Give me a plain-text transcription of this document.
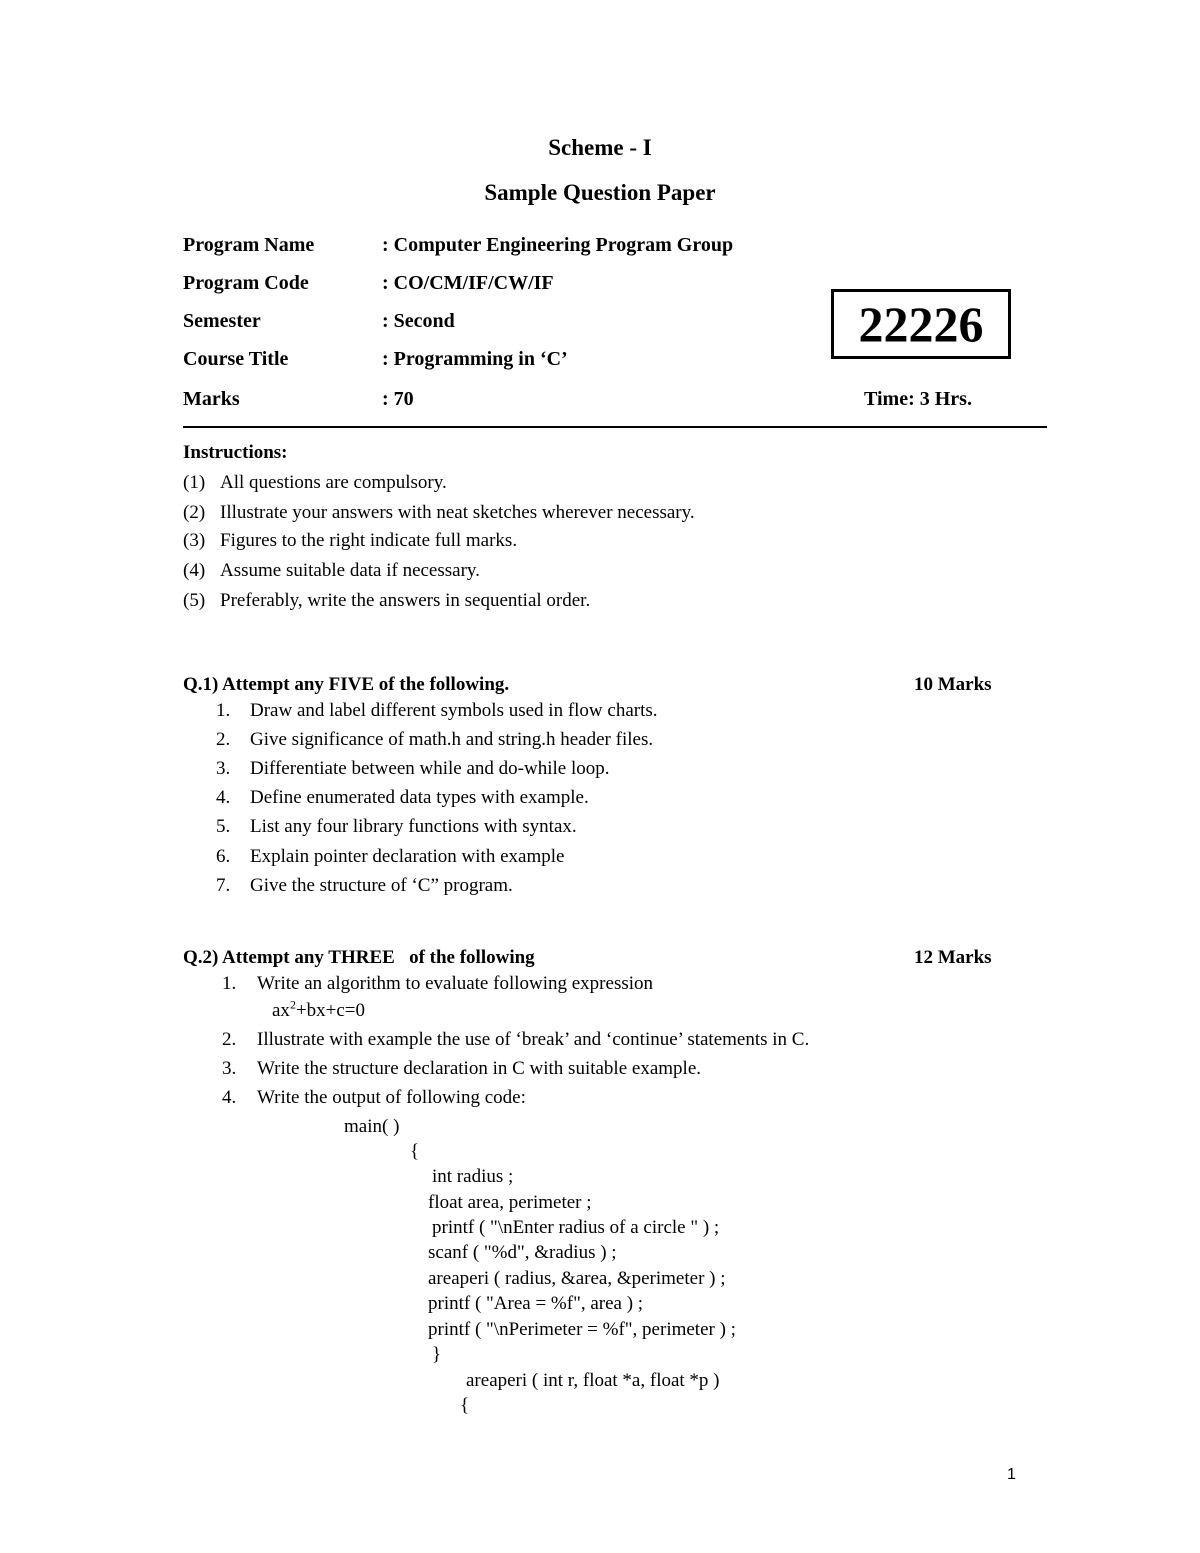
Scheme - I
Sample Question Paper
Program Name	: Computer Engineering Program Group
Program Code	: CO/CM/IF/CW/IF
Semester	: Second
Course Title	: Programming in ‘C’
Marks	: 70
22226
Time: 3 Hrs.
Instructions:
(1) All questions are compulsory.
(2) Illustrate your answers with neat sketches wherever necessary.
(3) Figures to the right indicate full marks.
(4) Assume suitable data if necessary.
(5) Preferably, write the answers in sequential order.
Q.1) Attempt any FIVE of the following.	10 Marks
1. Draw and label different symbols used in flow charts.
2. Give significance of math.h and string.h header files.
3. Differentiate between while and do-while loop.
4. Define enumerated data types with example.
5. List any four library functions with syntax.
6. Explain pointer declaration with example
7. Give the structure of ‘C” program.
Q.2) Attempt any THREE   of the following	12 Marks
1. Write an algorithm to evaluate following expression
$ax^2+bx+c=0$
2. Illustrate with example the use of ‘break’ and ‘continue’ statements in C.
3. Write the structure declaration in C with suitable example.
4. Write the output of following code:
main( )
{
int radius ;
float area, perimeter ;
printf ( "\nEnter radius of a circle " ) ;
scanf ( "%d", &radius ) ;
areaperi ( radius, &area, &perimeter ) ;
printf ( "Area = %f", area ) ;
printf ( "\nPerimeter = %f", perimeter ) ;
}
areaperi ( int r, float *a, float *p )
{
1
